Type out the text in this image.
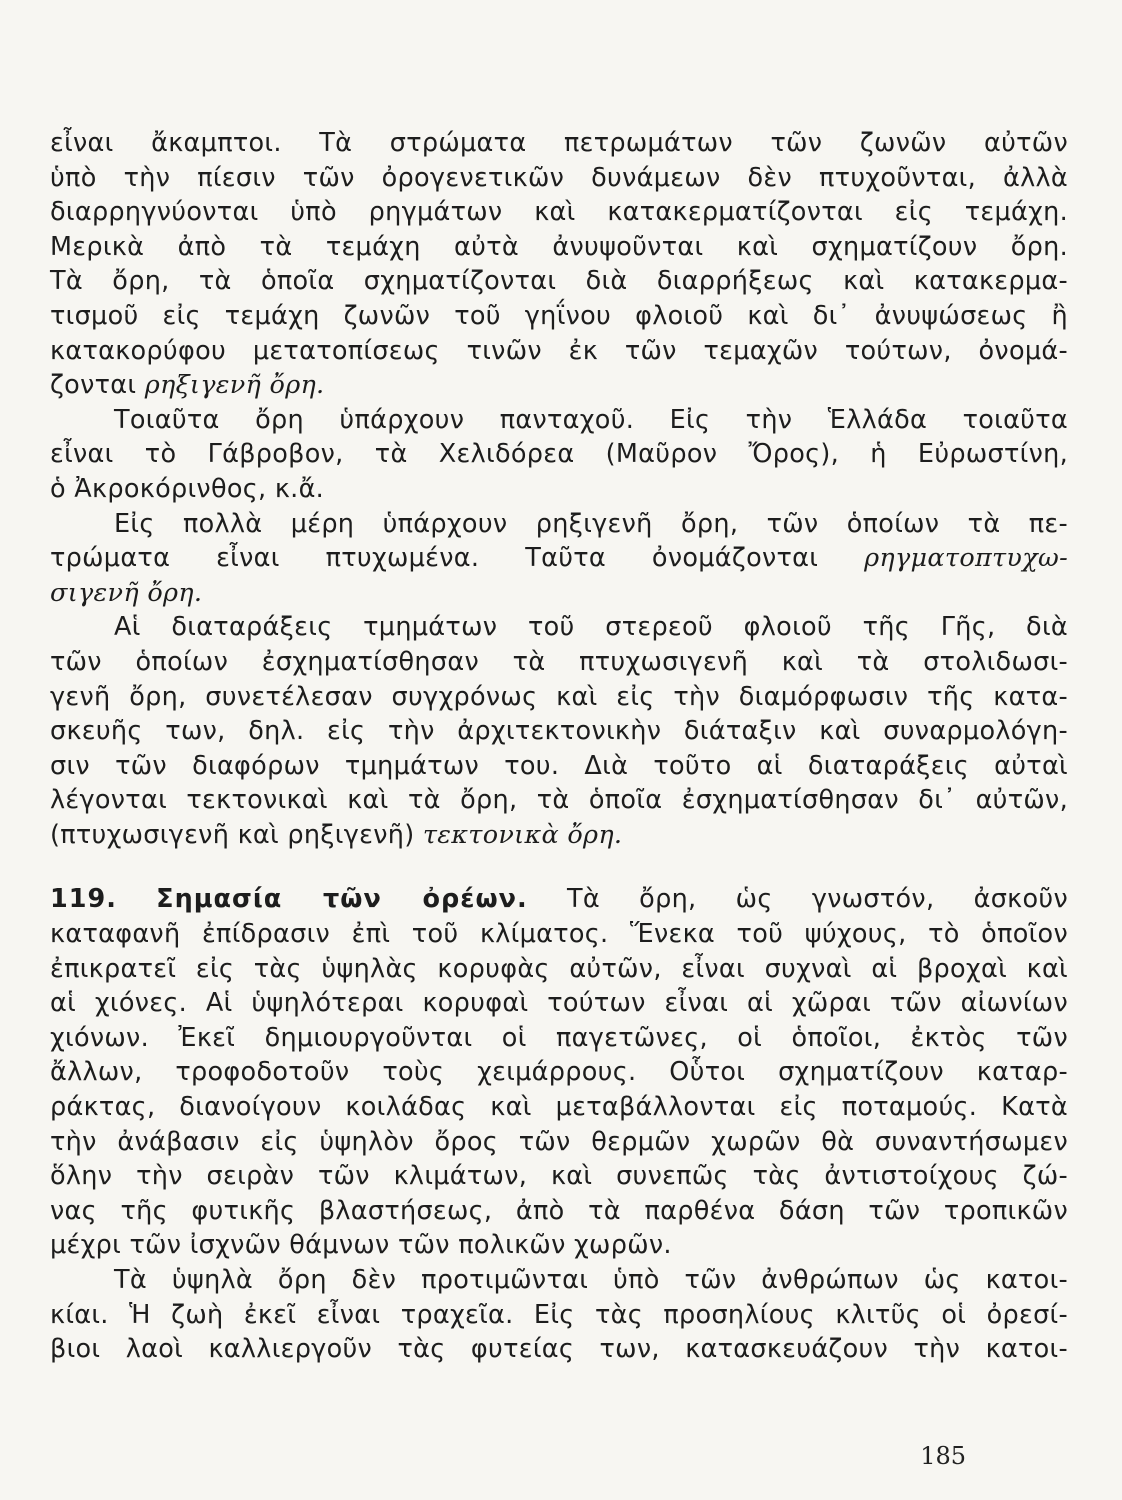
εἶναι ἄκαμπτοι. Τὰ στρώματα πετρωμάτων τῶν ζωνῶν αὐτῶν
ὑπὸ τὴν πίεσιν τῶν ὀρογενετικῶν δυνάμεων δὲν πτυχοῦνται, ἀλλὰ
διαρρηγνύονται ὑπὸ ρηγμάτων καὶ κατακερματίζονται εἰς τεμάχη.
Μερικὰ ἀπὸ τὰ τεμάχη αὐτὰ ἀνυψοῦνται καὶ σχηματίζουν ὄρη.
Τὰ ὄρη, τὰ ὁποῖα σχηματίζονται διὰ διαρρήξεως καὶ κατακερμα-
τισμοῦ εἰς τεμάχη ζωνῶν τοῦ γηΐνου φλοιοῦ καὶ δι᾿ ἀνυψώσεως ἢ
κατακορύφου μετατοπίσεως τινῶν ἐκ τῶν τεμαχῶν τούτων, ὀνομά-
ζονται ρηξιγενῆ ὄρη.
Τοιαῦτα ὄρη ὑπάρχουν πανταχοῦ. Εἰς τὴν Ἑλλάδα τοιαῦτα
εἶναι τὸ Γάβροβον, τὰ Χελιδόρεα (Μαῦρον Ὄρος), ἡ Εὐρωστίνη,
ὁ Ἀκροκόρινθος, κ.ἄ.
Εἰς πολλὰ μέρη ὑπάρχουν ρηξιγενῆ ὄρη, τῶν ὁποίων τὰ πε-
τρώματα εἶναι πτυχωμένα. Ταῦτα ὀνομάζονται ρηγματοπτυχω-
σιγενῆ ὄρη.
Αἱ διαταράξεις τμημάτων τοῦ στερεοῦ φλοιοῦ τῆς Γῆς, διὰ
τῶν ὁποίων ἐσχηματίσθησαν τὰ πτυχωσιγενῆ καὶ τὰ στολιδωσι-
γενῆ ὄρη, συνετέλεσαν συγχρόνως καὶ εἰς τὴν διαμόρφωσιν τῆς κατα-
σκευῆς των, δηλ. εἰς τὴν ἀρχιτεκτονικὴν διάταξιν καὶ συναρμολόγη-
σιν τῶν διαφόρων τμημάτων του. Διὰ τοῦτο αἱ διαταράξεις αὐταὶ
λέγονται τεκτονικαὶ καὶ τὰ ὄρη, τὰ ὁποῖα ἐσχηματίσθησαν δι᾿ αὐτῶν,
(πτυχωσιγενῆ καὶ ρηξιγενῆ) τεκτονικὰ ὄρη.
119. Σημασία τῶν ὀρέων. Τὰ ὄρη, ὡς γνωστόν, ἀσκοῦν
καταφανῆ ἐπίδρασιν ἐπὶ τοῦ κλίματος. Ἕνεκα τοῦ ψύχους, τὸ ὁποῖον
ἐπικρατεῖ εἰς τὰς ὑψηλὰς κορυφὰς αὐτῶν, εἶναι συχναὶ αἱ βροχαὶ καὶ
αἱ χιόνες. Αἱ ὑψηλότεραι κορυφαὶ τούτων εἶναι αἱ χῶραι τῶν αἰωνίων
χιόνων. Ἐκεῖ δημιουργοῦνται οἱ παγετῶνες, οἱ ὁποῖοι, ἐκτὸς τῶν
ἄλλων, τροφοδοτοῦν τοὺς χειμάρρους. Οὗτοι σχηματίζουν καταρ-
ράκτας, διανοίγουν κοιλάδας καὶ μεταβάλλονται εἰς ποταμούς. Κατὰ
τὴν ἀνάβασιν εἰς ὑψηλὸν ὄρος τῶν θερμῶν χωρῶν θὰ συναντήσωμεν
ὅλην τὴν σειρὰν τῶν κλιμάτων, καὶ συνεπῶς τὰς ἀντιστοίχους ζώ-
νας τῆς φυτικῆς βλαστήσεως, ἀπὸ τὰ παρθένα δάση τῶν τροπικῶν
μέχρι τῶν ἰσχνῶν θάμνων τῶν πολικῶν χωρῶν.
Τὰ ὑψηλὰ ὄρη δὲν προτιμῶνται ὑπὸ τῶν ἀνθρώπων ὡς κατοι-
κίαι. Ἡ ζωὴ ἐκεῖ εἶναι τραχεῖα. Εἰς τὰς προσηλίους κλιτῦς οἱ ὀρεσί-
βιοι λαοὶ καλλιεργοῦν τὰς φυτείας των, κατασκευάζουν τὴν κατοι-
185
